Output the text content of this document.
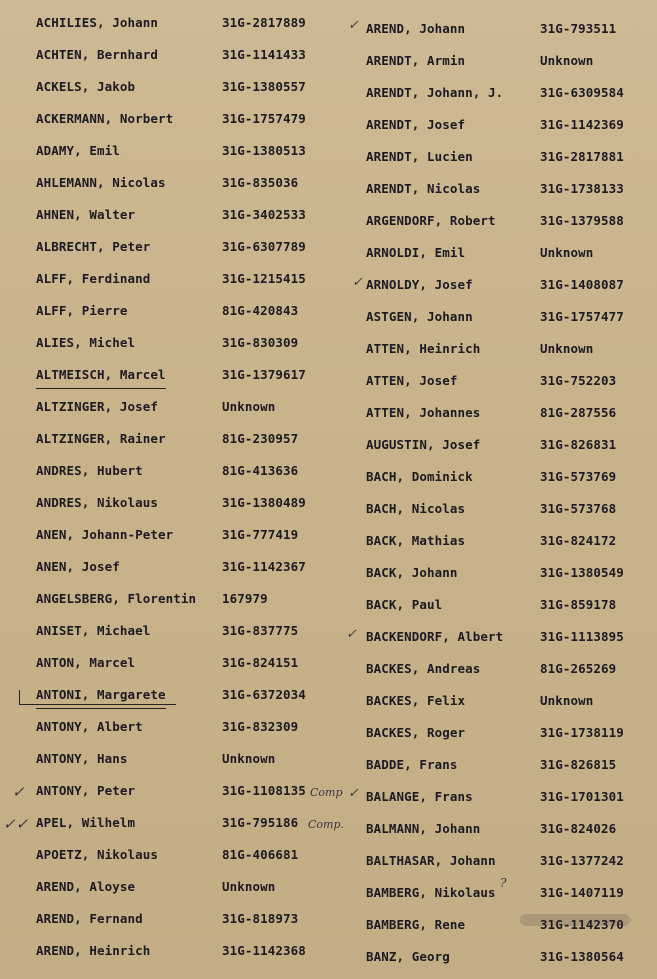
ACHILIES, Johann	31G-2817889
ACHTEN, Bernhard	31G-1141433
ACKELS, Jakob	31G-1380557
ACKERMANN, Norbert	31G-1757479
ADAMY, Emil	31G-1380513
AHLEMANN, Nicolas	31G-835036
AHNEN, Walter	31G-3402533
ALBRECHT, Peter	31G-6307789
ALFF, Ferdinand	31G-1215415
ALFF, Pierre	81G-420843
ALIES, Michel	31G-830309
ALTMEISCH, Marcel	31G-1379617
ALTZINGER, Josef	Unknown
ALTZINGER, Rainer	81G-230957
ANDRES, Hubert	81G-413636
ANDRES, Nikolaus	31G-1380489
ANEN, Johann-Peter	31G-777419
ANEN, Josef	31G-1142367
ANGELSBERG, Florentin 167979
ANISET, Michael	31G-837775
ANTON, Marcel	31G-824151
ANTONI, Margarete	31G-6372034
ANTONY, Albert	31G-832309
ANTONY, Hans	Unknown
ANTONY, Peter	31G-1108135
APEL, Wilhelm	31G-795186
APOETZ, Nikolaus	81G-406681
AREND, Aloyse	Unknown
AREND, Fernand	31G-818973
AREND, Heinrich	31G-1142368
AREND, Johann	31G-793511
ARENDT, Armin	Unknown
ARENDT, Johann, J.	31G-6309584
ARENDT, Josef	31G-1142369
ARENDT, Lucien	31G-2817881
ARENDT, Nicolas	31G-1738133
ARGENDORF, Robert	31G-1379588
ARNOLDI, Emil	Unknown
ARNOLDY, Josef	31G-1408087
ASTGEN, Johann	31G-1757477
ATTEN, Heinrich	Unknown
ATTEN, Josef	31G-752203
ATTEN, Johannes	81G-287556
AUGUSTIN, Josef	31G-826831
BACH, Dominick	31G-573769
BACH, Nicolas	31G-573768
BACK, Mathias	31G-824172
BACK, Johann	31G-1380549
BACK, Paul	31G-859178
BACKENDORF, Albert	31G-1113895
BACKES, Andreas	81G-265269
BACKES, Felix	Unknown
BACKES, Roger	31G-1738119
BADDE, Frans	31G-826815
BALANGE, Frans	31G-1701301
BALMANN, Johann	31G-824026
BALTHASAR, Johann	31G-1377242
BAMBERG, Nikolaus	31G-1407119
BAMBERG, Rene	31G-1142370
BANZ, Georg	31G-1380564
✓
✓
✓
✓
✓✓
Comp ✓
Comp.
?
